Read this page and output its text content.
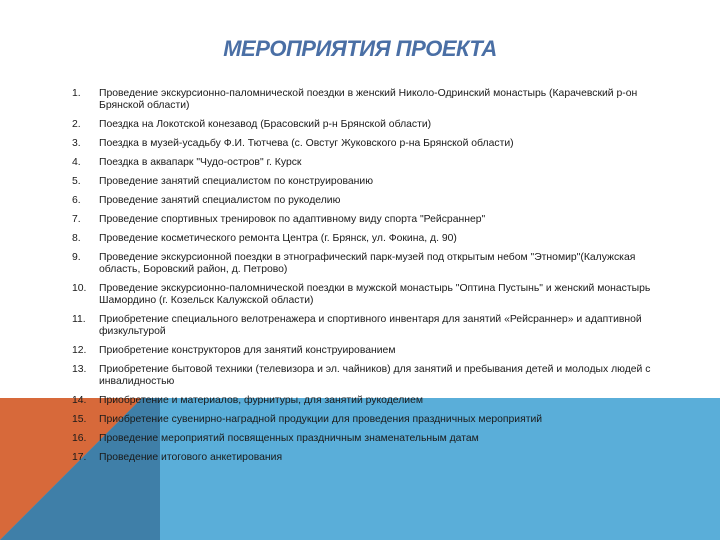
МЕРОПРИЯТИЯ ПРОЕКТА
1.	Проведение экскурсионно-паломнической поездки в женский Николо-Одринский монастырь (Карачевский р-он Брянской области)
2.	Поездка на Локотской конезавод (Брасовский р-н Брянской области)
3.	Поездка в музей-усадьбу Ф.И. Тютчева (с. Овстуг Жуковского р-на Брянской области)
4.	Поездка в аквапарк "Чудо-остров" г. Курск
5.	Проведение занятий специалистом по конструированию
6.	Проведение занятий специалистом по рукоделию
7.	Проведение спортивных тренировок по адаптивному виду спорта "Рейсраннер"
8.	Проведение косметического ремонта Центра (г. Брянск, ул. Фокина, д. 90)
9.	Проведение экскурсионной поездки в этнографический парк-музей под открытым небом "Этномир"(Калужская область, Боровский район, д. Петрово)
10.	Проведение экскурсионно-паломнической поездки в мужской монастырь "Оптина Пустынь" и женский монастырь Шамордино (г. Козельск Калужской области)
11.	Приобретение специального велотренажера и спортивного инвентаря для занятий «Рейсраннер» и адаптивной физкультурой
12.	Приобретение конструкторов для занятий конструированием
13.	Приобретение бытовой техники (телевизора и эл. чайников) для занятий и пребывания детей и молодых людей с инвалидностью
14.	Приобретение и материалов, фурнитуры, для занятий рукоделием
15.	Приобретение сувенирно-наградной продукции для проведения праздничных мероприятий
16.	Проведение мероприятий посвященных праздничным знаменательным датам
17.	Проведение итогового анкетирования
